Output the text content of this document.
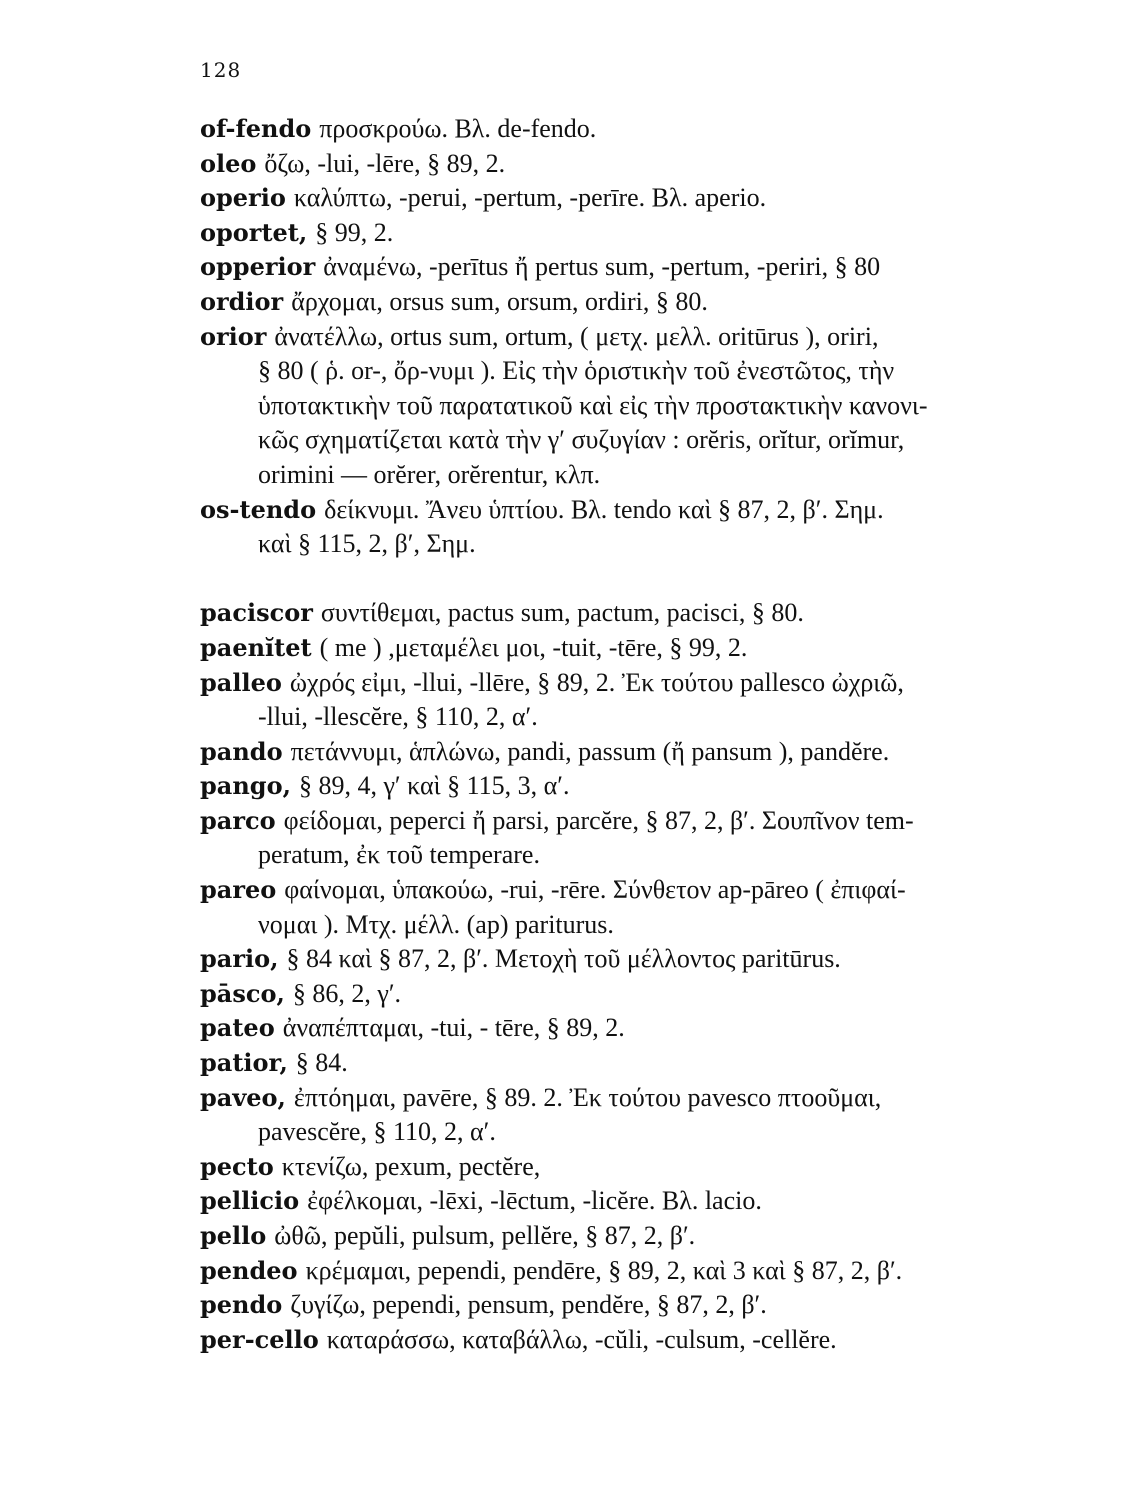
128
of-fendo προσκρούω. Βλ. de-fendo.
oleo ὄζω, -lui, -lēre, § 89, 2.
operio καλύπτω, -perui, -pertum, -perīre. Βλ. aperio.
oportet, § 99, 2.
opperior ἀναμένω, -perītus ἤ pertus sum, -pertum, -periri, § 80
ordior ἄρχομαι, orsus sum, orsum, ordiri, § 80.
orior ἀνατέλλω, ortus sum, ortum, ( μετχ. μελλ. oritūrus ), oriri,
§ 80 ( ῥ. or-, ὄρ-νυμι ). Εἰς τὴν ὁριστικὴν τοῦ ἐνεστῶτος, τὴν
ὑποτακτικὴν τοῦ παρατατικοῦ καὶ εἰς τὴν προστακτικὴν κανονι-
κῶς σχηματίζεται κατὰ τὴν γ′ συζυγίαν : orĕris, orĭtur, orĭmur,
orimini — orĕrer, orĕrentur, κλπ.
os-tendo δείκνυμι. Ἄνευ ὑπτίου. Βλ. tendo καὶ § 87, 2, β′. Σημ.
καὶ § 115, 2, β′, Σημ.
paciscor συντίθεμαι, pactus sum, pactum, pacisci, § 80.
paenĭtet ( me ) ,μεταμέλει μοι, -tuit, -tēre, § 99, 2.
palleo ὠχρός εἰμι, -llui, -llēre, § 89, 2. Ἐκ τούτου pallesco ὠχριῶ,
-llui, -llescĕre, § 110, 2, α′.
pando πετάννυμι, ἁπλώνω, pandi, passum (ἤ pansum ), pandĕre.
pango, § 89, 4, γ′ καὶ § 115, 3, α′.
parco φείδομαι, peperci ἤ parsi, parcĕre, § 87, 2, β′. Σουπῖνον tem-
peratum, ἐκ τοῦ temperare.
pareo φαίνομαι, ὑπακούω, -rui, -rēre. Σύνθετον ap-pāreo ( ἐπιφαί-
νομαι ). Μτχ. μέλλ. (ap) pariturus.
pario, § 84 καὶ § 87, 2, β′. Μετοχὴ τοῦ μέλλοντος paritūrus.
pāsco, § 86, 2, γ′.
pateo ἀναπέπταμαι, -tui, - tēre, § 89, 2.
patior, § 84.
paveo, ἐπτόημαι, pavēre, § 89. 2. Ἐκ τούτου pavesco πτοοῦμαι,
pavescĕre, § 110, 2, α′.
pecto κτενίζω, pexum, pectĕre,
pellicio ἐφέλκομαι, -lēxi, -lēctum, -licĕre. Βλ. lacio.
pello ὠθῶ, pepŭli, pulsum, pellĕre, § 87, 2, β′.
pendeo κρέμαμαι, pependi, pendēre, § 89, 2, καὶ 3 καὶ § 87, 2, β′.
pendo ζυγίζω, pependi, pensum, pendĕre, § 87, 2, β′.
per-cello καταράσσω, καταβάλλω, -cŭli, -culsum, -cellĕre.
